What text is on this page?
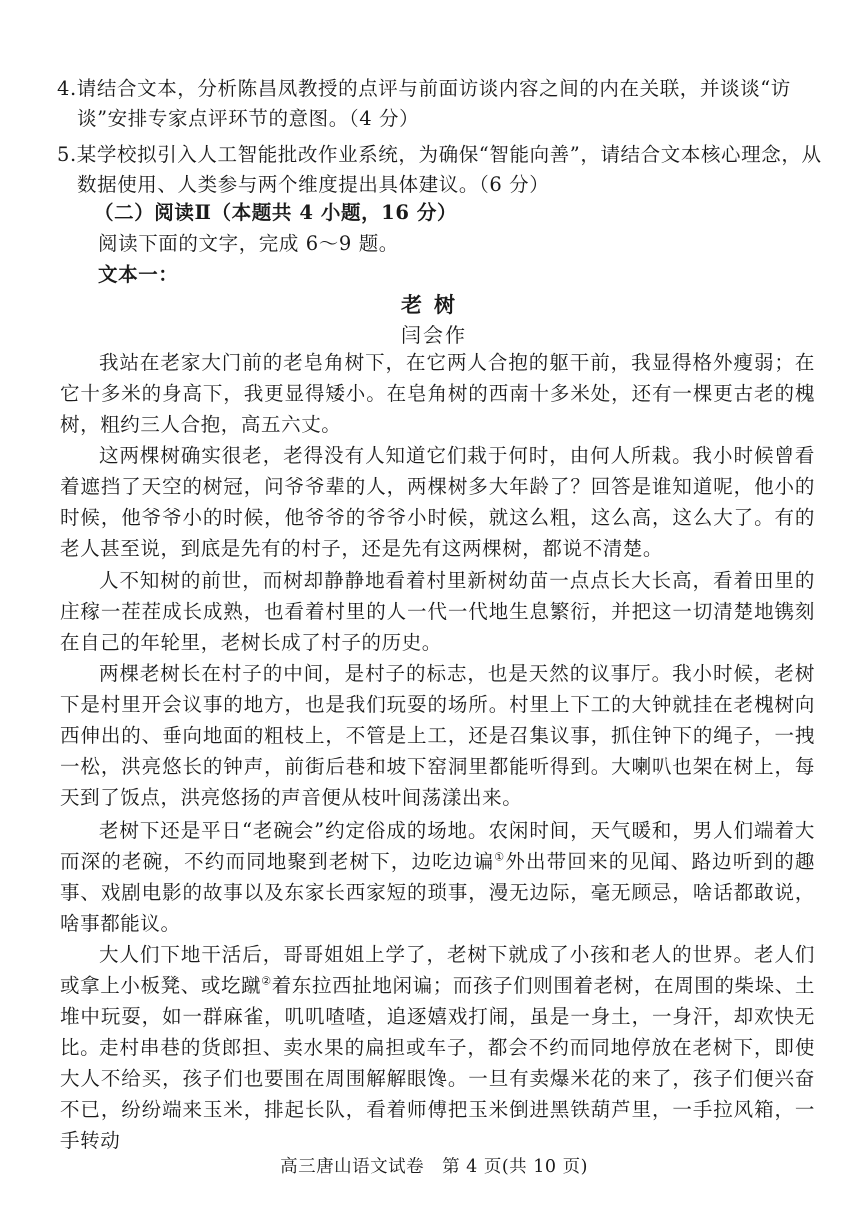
4.请结合文本，分析陈昌凤教授的点评与前面访谈内容之间的内在关联，并谈谈“访
谈”安排专家点评环节的意图。（4 分）
5.某学校拟引入人工智能批改作业系统，为确保“智能向善”，请结合文本核心理念，从
数据使用、人类参与两个维度提出具体建议。（6 分）
（二）阅读Ⅱ（本题共 4 小题，16 分）
阅读下面的文字，完成 6～9 题。
文本一：
老树
闫会作

我站在老家大门前的老皂角树下，在它两人合抱的躯干前，我显得格外瘦弱；在它十多米的身高下，我更显得矮小。在皂角树的西南十多米处，还有一棵更古老的槐树，粗约三人合抱，高五六丈。

这两棵树确实很老，老得没有人知道它们栽于何时，由何人所栽。我小时候曾看着遮挡了天空的树冠，问爷爷辈的人，两棵树多大年龄了？回答是谁知道呢，他小的时候，他爷爷小的时候，他爷爷的爷爷小时候，就这么粗，这么高，这么大了。有的老人甚至说，到底是先有的村子，还是先有这两棵树，都说不清楚。

人不知树的前世，而树却静静地看着村里新树幼苗一点点长大长高，看着田里的庄稼一茬茬成长成熟，也看着村里的人一代一代地生息繁衍，并把这一切清楚地镌刻在自己的年轮里，老树长成了村子的历史。

两棵老树长在村子的中间，是村子的标志，也是天然的议事厅。我小时候，老树下是村里开会议事的地方，也是我们玩耍的场所。村里上下工的大钟就挂在老槐树向西伸出的、垂向地面的粗枝上，不管是上工，还是召集议事，抓住钟下的绳子，一拽一松，洪亮悠长的钟声，前街后巷和坡下窑洞里都能听得到。大喇叭也架在树上，每天到了饭点，洪亮悠扬的声音便从枝叶间荡漾出来。

老树下还是平日“老碗会”约定俗成的场地。农闲时间，天气暖和，男人们端着大而深的老碗，不约而同地聚到老树下，边吃边谝①外出带回来的见闻、路边听到的趣事、戏剧电影的故事以及东家长西家短的琐事，漫无边际，毫无顾忌，啥话都敢说，啥事都能议。

大人们下地干活后，哥哥姐姐上学了，老树下就成了小孩和老人的世界。老人们或拿上小板凳、或圪蹴②着东拉西扯地闲谝；而孩子们则围着老树，在周围的柴垛、土堆中玩耍，如一群麻雀，叽叽喳喳，追逐嬉戏打闹，虽是一身土，一身汗，却欢快无比。

走村串巷的货郎担、卖水果的扁担或车子，都会不约而同地停放在老树下，即使大人不给买，孩子们也要围在周围解解眼馋。一旦有卖爆米花的来了，孩子们便兴奋不已，纷纷端来玉米，排起长队，看着师傅把玉米倒进黑铁葫芦里，一手拉风箱，一手转动

高三唐山语文试卷　第 4 页(共 10 页)
